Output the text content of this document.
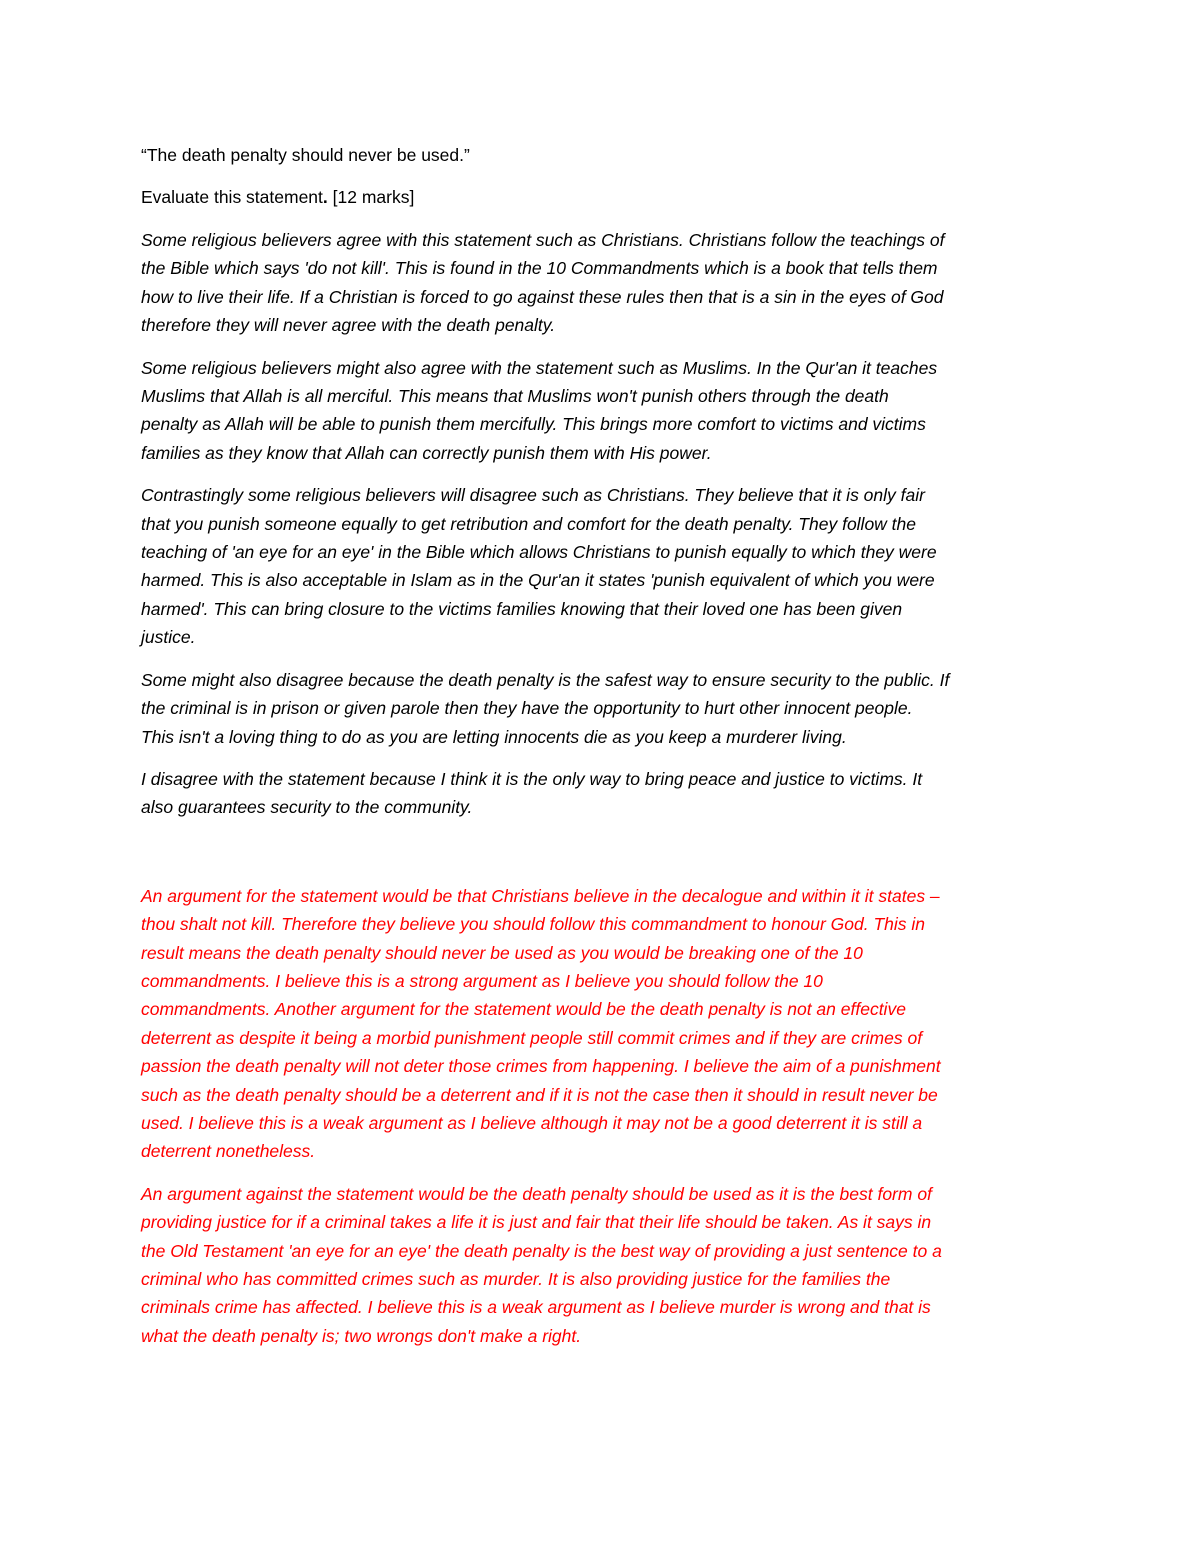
“The death penalty should never be used.”
Evaluate this statement. [12 marks]
Some religious believers agree with this statement such as Christians. Christians follow the teachings of
the Bible which says 'do not kill'. This is found in the 10 Commandments which is a book that tells them
how to live their life. If a Christian is forced to go against these rules then that is a sin in the eyes of God
therefore they will never agree with the death penalty.
Some religious believers might also agree with the statement such as Muslims. In the Qur'an it teaches
Muslims that Allah is all merciful. This means that Muslims won't punish others through the death
penalty as Allah will be able to punish them mercifully. This brings more comfort to victims and victims
families as they know that Allah can correctly punish them with His power.
Contrastingly some religious believers will disagree such as Christians. They believe that it is only fair
that you punish someone equally to get retribution and comfort for the death penalty. They follow the
teaching of 'an eye for an eye' in the Bible which allows Christians to punish equally to which they were
harmed. This is also acceptable in Islam as in the Qur'an it states 'punish equivalent of which you were
harmed'. This can bring closure to the victims families knowing that their loved one has been given
justice.
Some might also disagree because the death penalty is the safest way to ensure security to the public. If
the criminal is in prison or given parole then they have the opportunity to hurt other innocent people.
This isn't a loving thing to do as you are letting innocents die as you keep a murderer living.
I disagree with the statement because I think it is the only way to bring peace and justice to victims. It
also guarantees security to the community.
An argument for the statement would be that Christians believe in the decalogue and within it it states –
thou shalt not kill. Therefore they believe you should follow this commandment to honour God. This in
result means the death penalty should never be used as you would be breaking one of the 10
commandments. I believe this is a strong argument as I believe you should follow the 10
commandments. Another argument for the statement would be the death penalty is not an effective
deterrent as despite it being a morbid punishment people still commit crimes and if they are crimes of
passion the death penalty will not deter those crimes from happening. I believe the aim of a punishment
such as the death penalty should be a deterrent and if it is not the case then it should in result never be
used. I believe this is a weak argument as I believe although it may not be a good deterrent it is still a
deterrent nonetheless.
An argument against the statement would be the death penalty should be used as it is the best form of
providing justice for if a criminal takes a life it is just and fair that their life should be taken. As it says in
the Old Testament 'an eye for an eye' the death penalty is the best way of providing a just sentence to a
criminal who has committed crimes such as murder. It is also providing justice for the families the
criminals crime has affected. I believe this is a weak argument as I believe murder is wrong and that is
what the death penalty is; two wrongs don't make a right.
